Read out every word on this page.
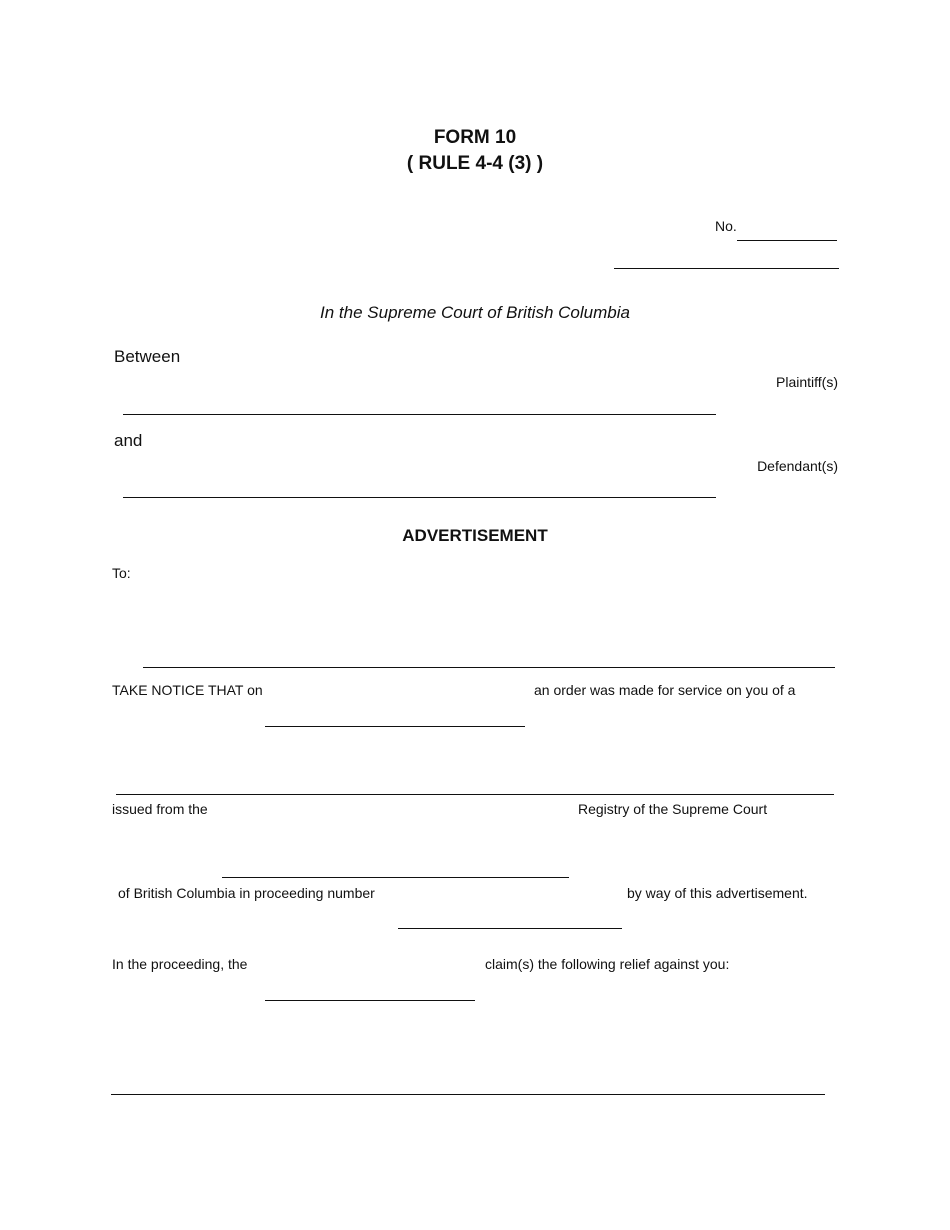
FORM 10
( RULE 4-4 (3) )
No.
In the Supreme Court of British Columbia
Between
Plaintiff(s)
and
Defendant(s)
ADVERTISEMENT
To:
TAKE NOTICE THAT on	an order was made for service on you of a
issued from the	Registry of the Supreme Court
of British Columbia in proceeding number	by way of this advertisement.
In the proceeding, the	claim(s) the following relief against you:
